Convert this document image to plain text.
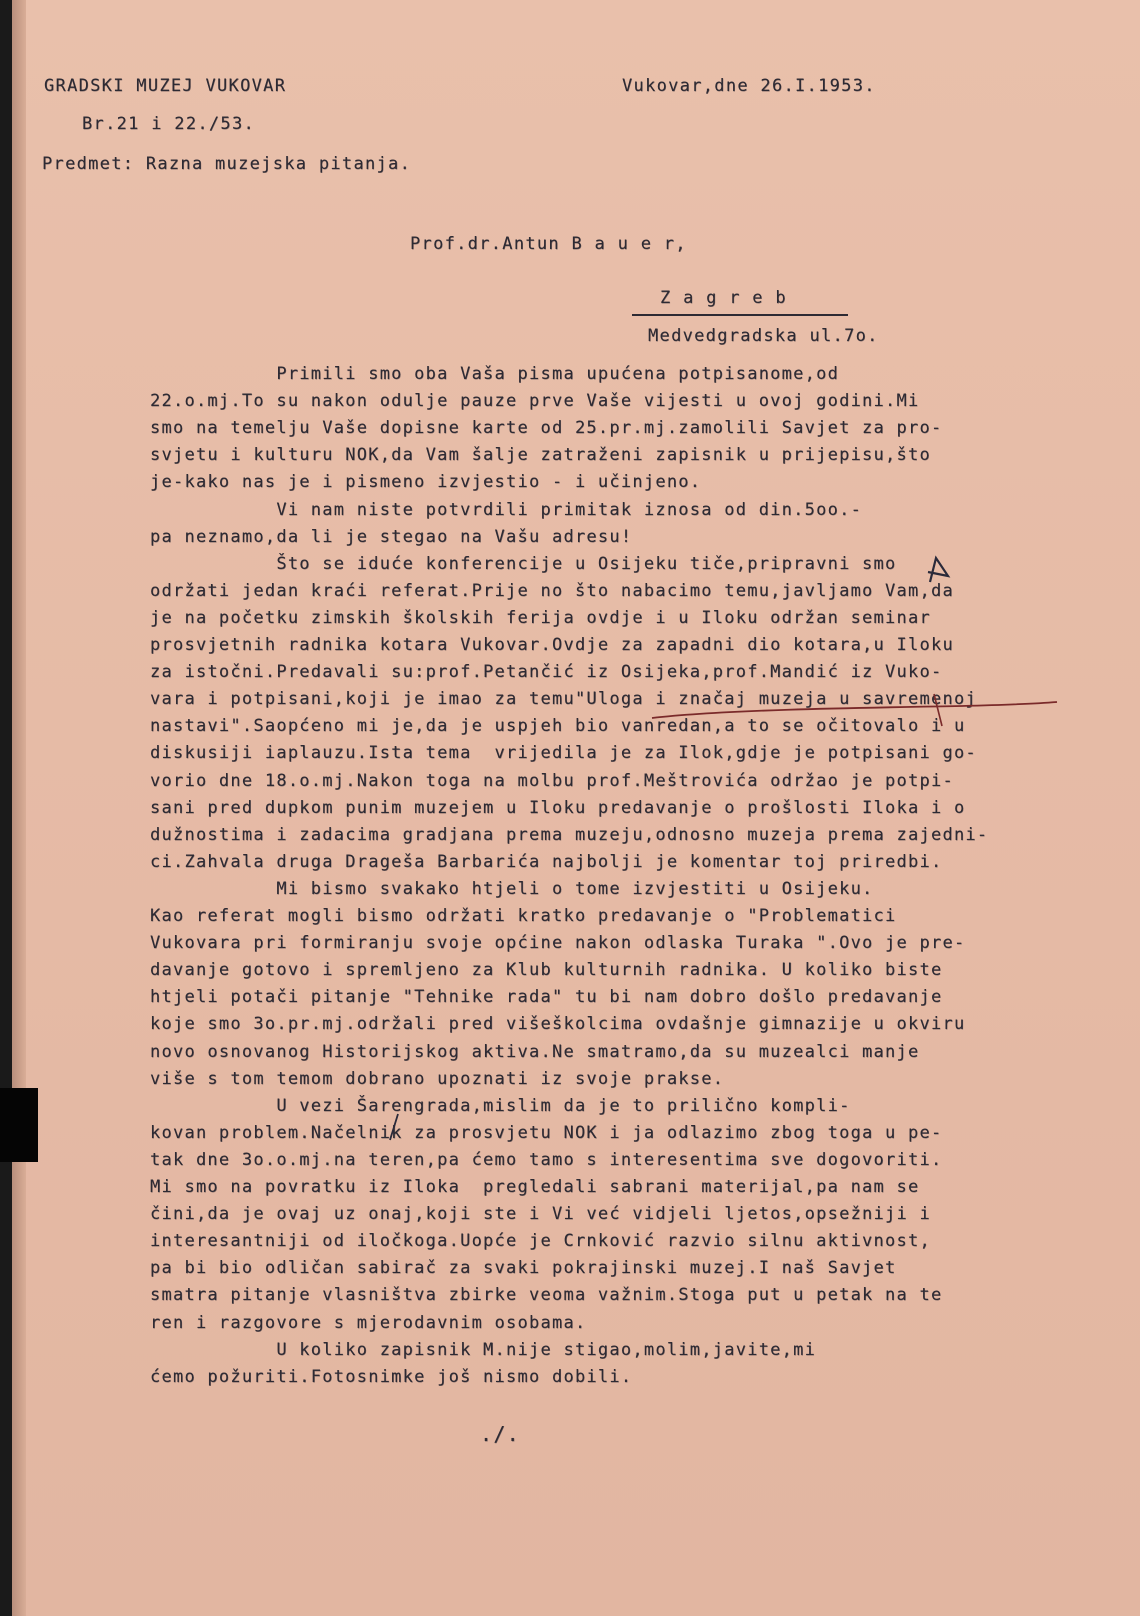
GRADSKI MUZEJ VUKOVAR	Vukovar,dne 26.I.1953.
Br.21 i 22./53.
Predmet: Razna muzejska pitanja.
Prof.dr.Antun B a u e r,
Z a g r e b
Medvedgradska ul.7o.
Primili smo oba Vaša pisma upućena potpisanome,od
22.o.mj.To su nakon odulje pauze prve Vaše vijesti u ovoj godini.Mi
smo na temelju Vaše dopisne karte od 25.pr.mj.zamolili Savjet za pro-
svjetu i kulturu NOK,da Vam šalje zatraženi zapisnik u prijepisu,što
je-kako nas je i pismeno izvjestio - i učinjeno.
Vi nam niste potvrdili primitak iznosa od din.5oo.-
pa neznamo,da li je stegao na Vašu adresu!
Što se iduće konferencije u Osijeku tiče,pripravni smo
održati jedan kraći referat.Prije no što nabacimo temu,javljamo Vam,da
je na početku zimskih školskih ferija ovdje i u Iloku održan seminar
prosvjetnih radnika kotara Vukovar.Ovdje za zapadni dio kotara,u Iloku
za istočni.Predavali su:prof.Petančić iz Osijeka,prof.Mandić iz Vuko-
vara i potpisani,koji je imao za temu"Uloga i značaj muzeja u savremenoj
nastavi".Saopćeno mi je,da je uspjeh bio vanredan,a to se očitovalo i u
diskusiji iaplauzu.Ista tema  vrijedila je za Ilok,gdje je potpisani go-
vorio dne 18.o.mj.Nakon toga na molbu prof.Meštrovića održao je potpi-
sani pred dupkom punim muzejem u Iloku predavanje o prošlosti Iloka i o
dužnostima i zadacima gradjana prema muzeju,odnosno muzeja prema zajedni-
ci.Zahvala druga Drageša Barbarića najbolji je komentar toj priredbi.
Mi bismo svakako htjeli o tome izvjestiti u Osijeku.
Kao referat mogli bismo održati kratko predavanje o "Problematici
Vukovara pri formiranju svoje općine nakon odlaska Turaka ".Ovo je pre-
davanje gotovo i spremljeno za Klub kulturnih radnika. U koliko biste
htjeli potači pitanje "Tehnike rada" tu bi nam dobro došlo predavanje
koje smo 3o.pr.mj.održali pred višeškolcima ovdašnje gimnazije u okviru
novo osnovanog Historijskog aktiva.Ne smatramo,da su muzealci manje
više s tom temom dobrano upoznati iz svoje prakse.
U vezi Šarengrada,mislim da je to prilično kompli-
kovan problem.Načelnik za prosvjetu NOK i ja odlazimo zbog toga u pe-
tak dne 3o.o.mj.na teren,pa ćemo tamo s interesentima sve dogovoriti.
Mi smo na povratku iz Iloka  pregledali sabrani materijal,pa nam se
čini,da je ovaj uz onaj,koji ste i Vi već vidjeli ljetos,opsežniji i
interesantniji od iločkoga.Uopće je Crnković razvio silnu aktivnost,
pa bi bio odličan sabirač za svaki pokrajinski muzej.I naš Savjet
smatra pitanje vlasništva zbirke veoma važnim.Stoga put u petak na te
ren i razgovore s mjerodavnim osobama.
U koliko zapisnik M.nije stigao,molim,javite,mi
ćemo požuriti.Fotosnimke još nismo dobili.
./.
